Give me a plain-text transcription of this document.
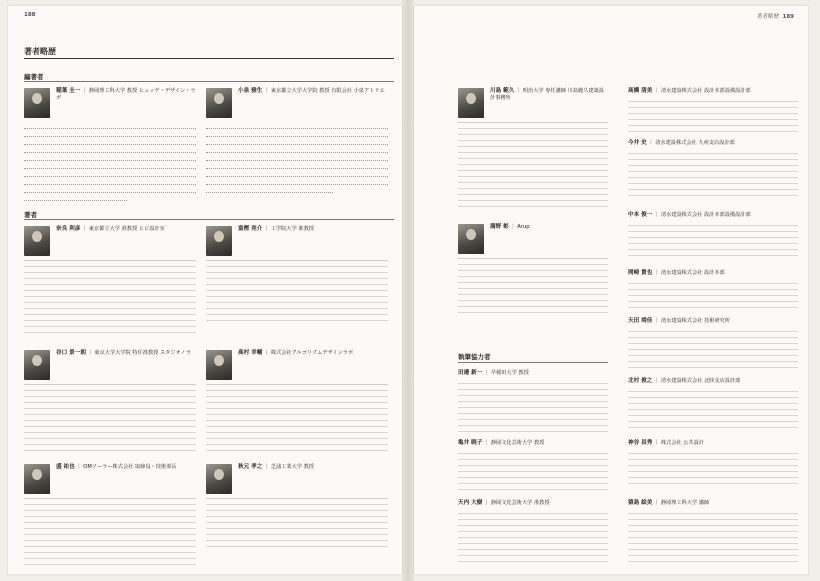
188
著者略歴
編著者
稲葉 圭一 ｜ 静岡理工科大学 教授 ヒュッゲ・デザイン・ラボ
小泉 雅生 ｜ 東京都立大学大学院 教授 有限会社 小泉アトリエ
著者
奈良 利彦 ｜ 東京都立大学 准教授 ヒビ設計室	富樫 亮介 ｜ 工学院大学 准教授
谷口 景一朗 ｜ 東京大学大学院 特任准教授 スタジオノラ	高村 幸輔 ｜ 株式会社アルゴリズムデザインラボ
盛 祐也 ｜ OMソーラー株式会社 取締役・技術部長	秋元 孝之 ｜ 芝浦工業大学 教授
著者略歴 189
川島 範久 ｜ 明治大学 専任講師 川島範久建築設計事務所
満野 彰 ｜ Arup
執筆協力者
田邉 新一 ｜ 早稲田大学 教授
亀井 暁子 ｜ 静岡文化芸術大学 教授
天内 大樹 ｜ 静岡文化芸術大学 准教授
高橋 清美 ｜ 清水建設株式会社 設計本部設備設計部
今井 史 ｜ 清水建設株式会社 九州支店設計部
中本 俊一 ｜ 清水建設株式会社 設計本部設備設計部
岡崎 貴也 ｜ 清水建設株式会社 設計本部
天田 靖佳 ｜ 清水建設株式会社 技術研究所
北村 俊之 ｜ 清水建設株式会社 北陸支店設計部
神谷 昌秀 ｜ 株式会社 公共設計
猿島 絵美 ｜ 静岡理工科大学 講師
